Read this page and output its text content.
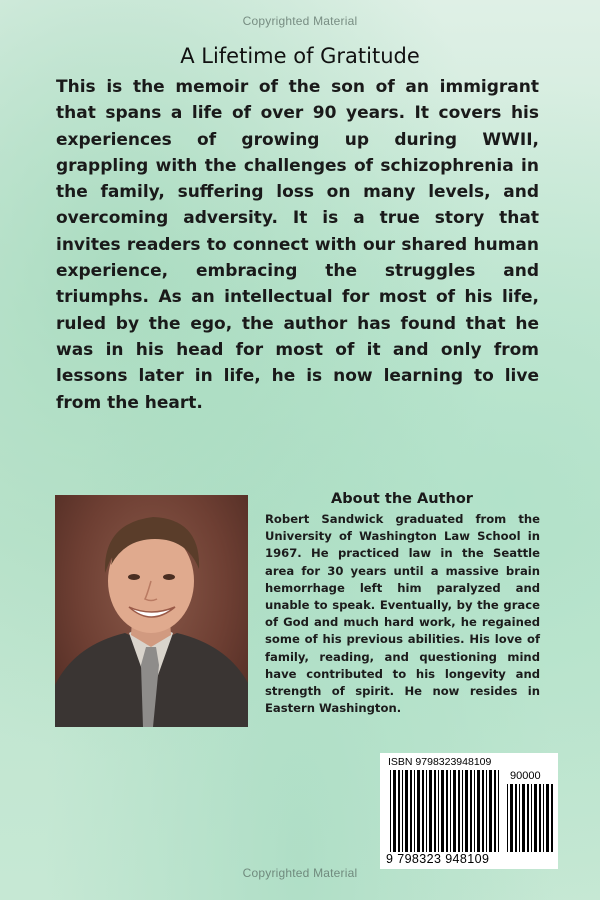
Copyrighted Material
A Lifetime of Gratitude

This is the memoir of the son of an immigrant that spans a life of over 90 years. It covers his experiences of growing up during WWII, grappling with the challenges of schizophrenia in the family, suffering loss on many levels, and overcoming adversity. It is a true story that invites readers to connect with our shared human experience, embracing the struggles and triumphs. As an intellectual for most of his life, ruled by the ego, the author has found that he was in his head for most of it and only from lessons later in life, he is now learning to live from the heart.

About the Author

Robert Sandwick graduated from the University of Washington Law School in 1967. He practiced law in the Seattle area for 30 years until a massive brain hemorrhage left him paralyzed and unable to speak. Eventually, by the grace of God and much hard work, he regained some of his previous abilities. His love of family, reading, and questioning mind have contributed to his longevity and strength of spirit. He now resides in Eastern Washington.

ISBN 9798323948109
90000
9 798323 948109
Copyrighted Material
